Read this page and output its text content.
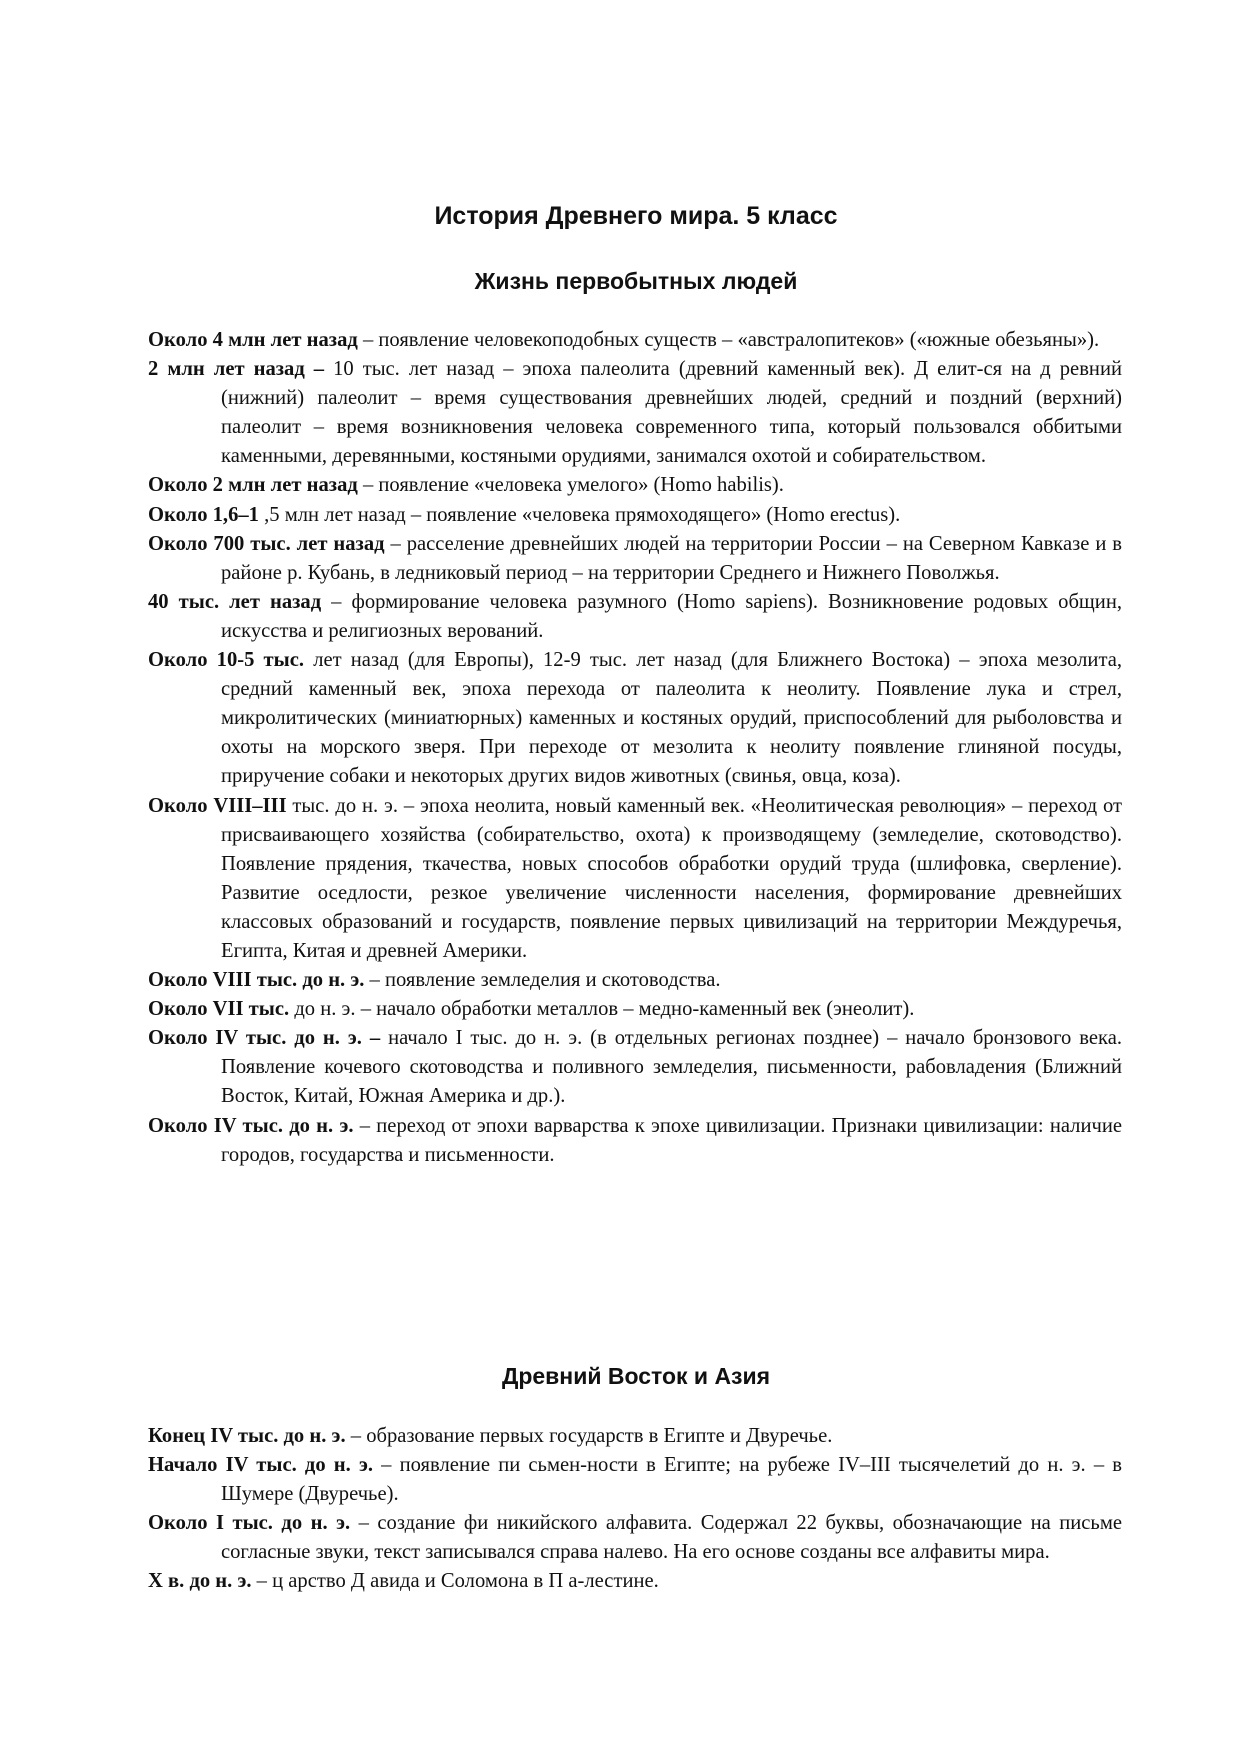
История Древнего мира. 5 класс
Жизнь первобытных людей
Около 4 млн лет назад – появление человекоподобных существ – «австралопитеков» («южные обезьяны»).
2 млн лет назад – 10 тыс. лет назад – эпоха палеолита (древний каменный век). Д елит-ся на д ревний (нижний) палеолит – время существования древнейших людей, средний и поздний (верхний) палеолит – время возникновения человека современного типа, который пользовался оббитыми каменными, деревянными, костяными орудиями, занимался охотой и собирательством.
Около 2 млн лет назад – появление «человека умелого» (Homo habilis).
Около 1,6–1 ,5 млн лет назад – появление «человека прямоходящего» (Homo erectus).
Около 700 тыс. лет назад – расселение древнейших людей на территории России – на Северном Кавказе и в районе р. Кубань, в ледниковый период – на территории Среднего и Нижнего Поволжья.
40 тыс. лет назад – формирование человека разумного (Homo sapiens). Возникновение родовых общин, искусства и религиозных верований.
Около 10-5 тыс. лет назад (для Европы), 12-9 тыс. лет назад (для Ближнего Востока) – эпоха мезолита, средний каменный век, эпоха перехода от палеолита к неолиту. Появление лука и стрел, микролитических (миниатюрных) каменных и костяных орудий, приспособлений для рыболовства и охоты на морского зверя. При переходе от мезолита к неолиту появление глиняной посуды, приручение собаки и некоторых других видов животных (свинья, овца, коза).
Около VIII–III тыс. до н. э. – эпоха неолита, новый каменный век. «Неолитическая революция» – переход от присваивающего хозяйства (собирательство, охота) к производящему (земледелие, скотоводство). Появление прядения, ткачества, новых способов обработки орудий труда (шлифовка, сверление). Развитие оседлости, резкое увеличение численности населения, формирование древнейших классовых образований и государств, появление первых цивилизаций на территории Междуречья, Египта, Китая и древней Америки.
Около VIII тыс. до н. э. – появление земледелия и скотоводства.
Около VII тыс. до н. э. – начало обработки металлов – медно-каменный век (энеолит).
Около IV тыс. до н. э. – начало I тыс. до н. э. (в отдельных регионах позднее) – начало бронзового века. Появление кочевого скотоводства и поливного земледелия, письменности, рабовладения (Ближний Восток, Китай, Южная Америка и др.).
Около IV тыс. до н. э. – переход от эпохи варварства к эпохе цивилизации. Признаки цивилизации: наличие городов, государства и письменности.
Древний Восток и Азия
Конец IV тыс. до н. э. – образование первых государств в Египте и Двуречье.
Начало IV тыс. до н. э. – появление пи сьмен-ности в Египте; на рубеже IV–III тысячелетий до н. э. – в Шумере (Двуречье).
Около I тыс. до н. э. – создание фи никийского алфавита. Содержал 22 буквы, обозначающие на письме согласные звуки, текст записывался справа налево. На его основе созданы все алфавиты мира.
X в. до н. э. – ц арство Д авида и Соломона в П а-лестине.
